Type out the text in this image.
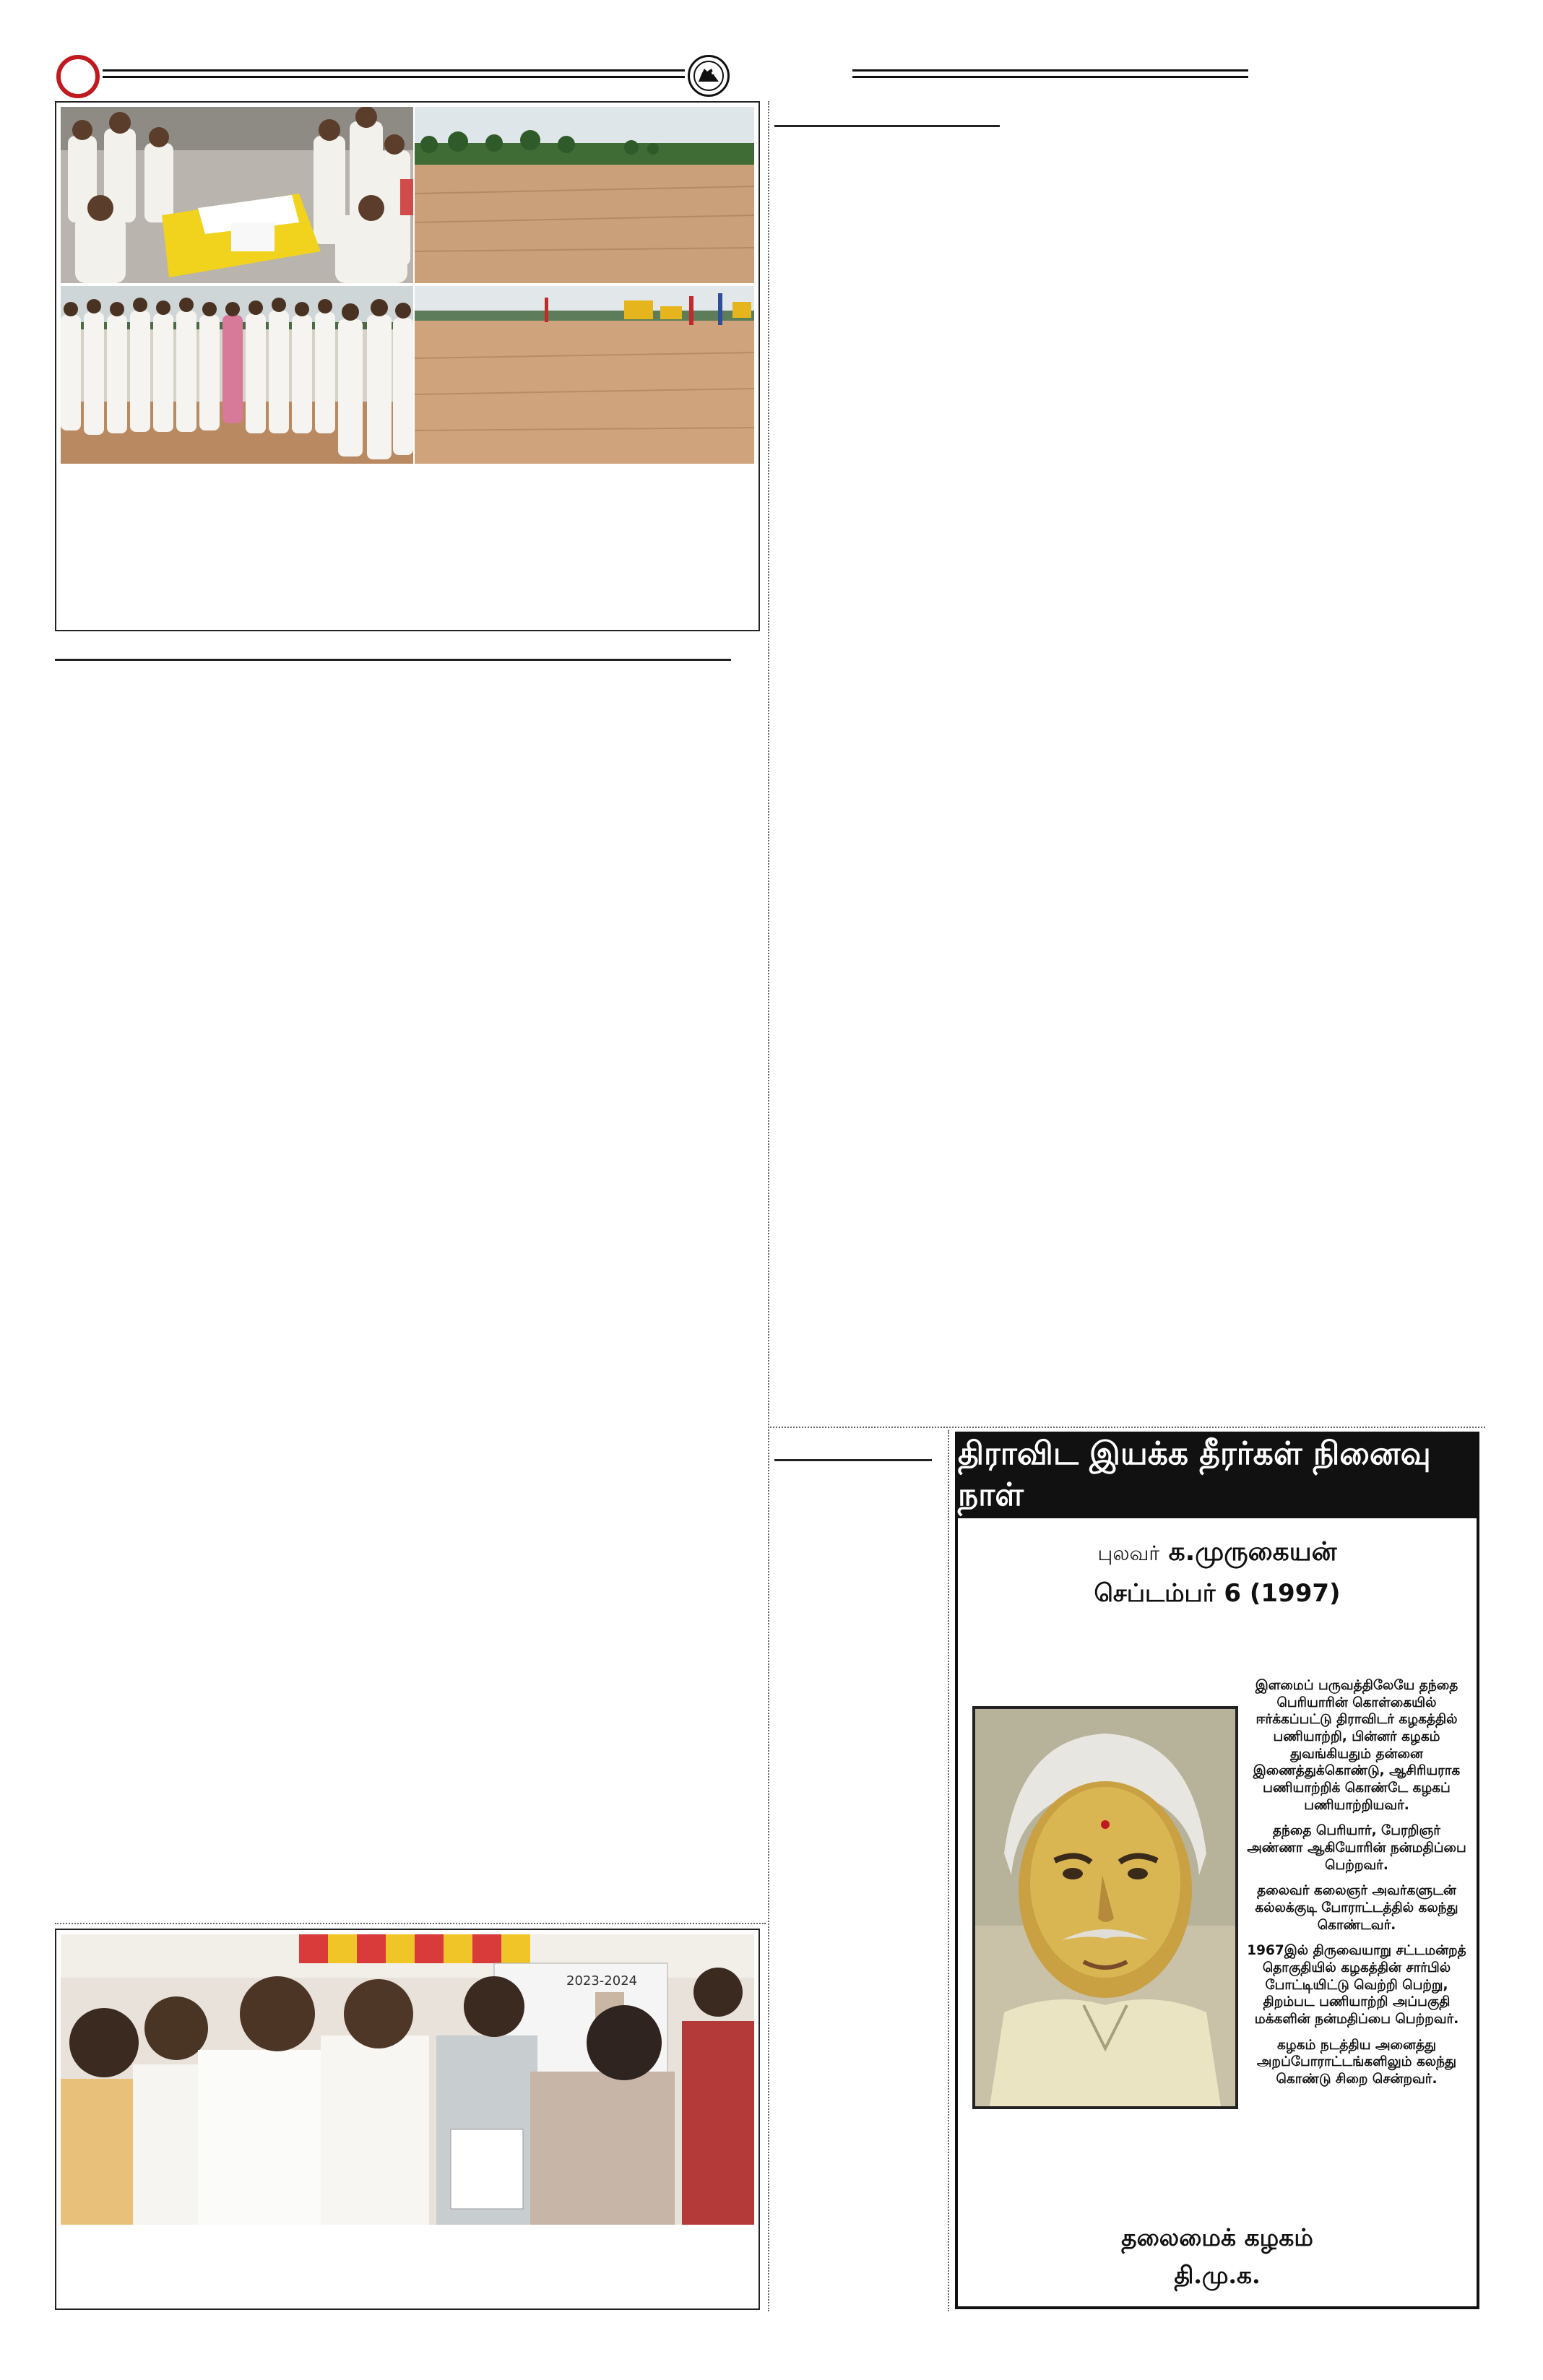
2023-2024
திராவிட இயக்க தீரர்கள் நினைவு நாள்
புலவர் க.முருகையன்
செப்டம்பர் 6 (1997)

இளமைப் பருவத்திலேயே தந்தை பெரியாரின் கொள்கையில் ஈர்க்கப்பட்டு திராவிடர் கழகத்தில் பணியாற்றி, பின்னர் கழகம் துவங்கியதும் தன்னை இணைத்துக்கொண்டு, ஆசிரியராக பணியாற்றிக் கொண்டே கழகப் பணியாற்றியவர்.

தந்தை பெரியார், பேரறிஞர் அண்ணா ஆகியோரின் நன்மதிப்பை பெற்றவர்.

தலைவர் கலைஞர் அவர்களுடன் கல்லக்குடி போராட்டத்தில் கலந்து கொண்டவர்.

1967இல் திருவையாறு சட்டமன்றத் தொகுதியில் கழகத்தின் சார்பில் போட்டியிட்டு வெற்றி பெற்று, திறம்பட பணியாற்றி அப்பகுதி மக்களின் நன்மதிப்பை பெற்றவர்.

கழகம் நடத்திய அனைத்து அறப்போராட்டங்களிலும் கலந்து கொண்டு சிறை சென்றவர்.

தலைமைக் கழகம்
தி.மு.க.
